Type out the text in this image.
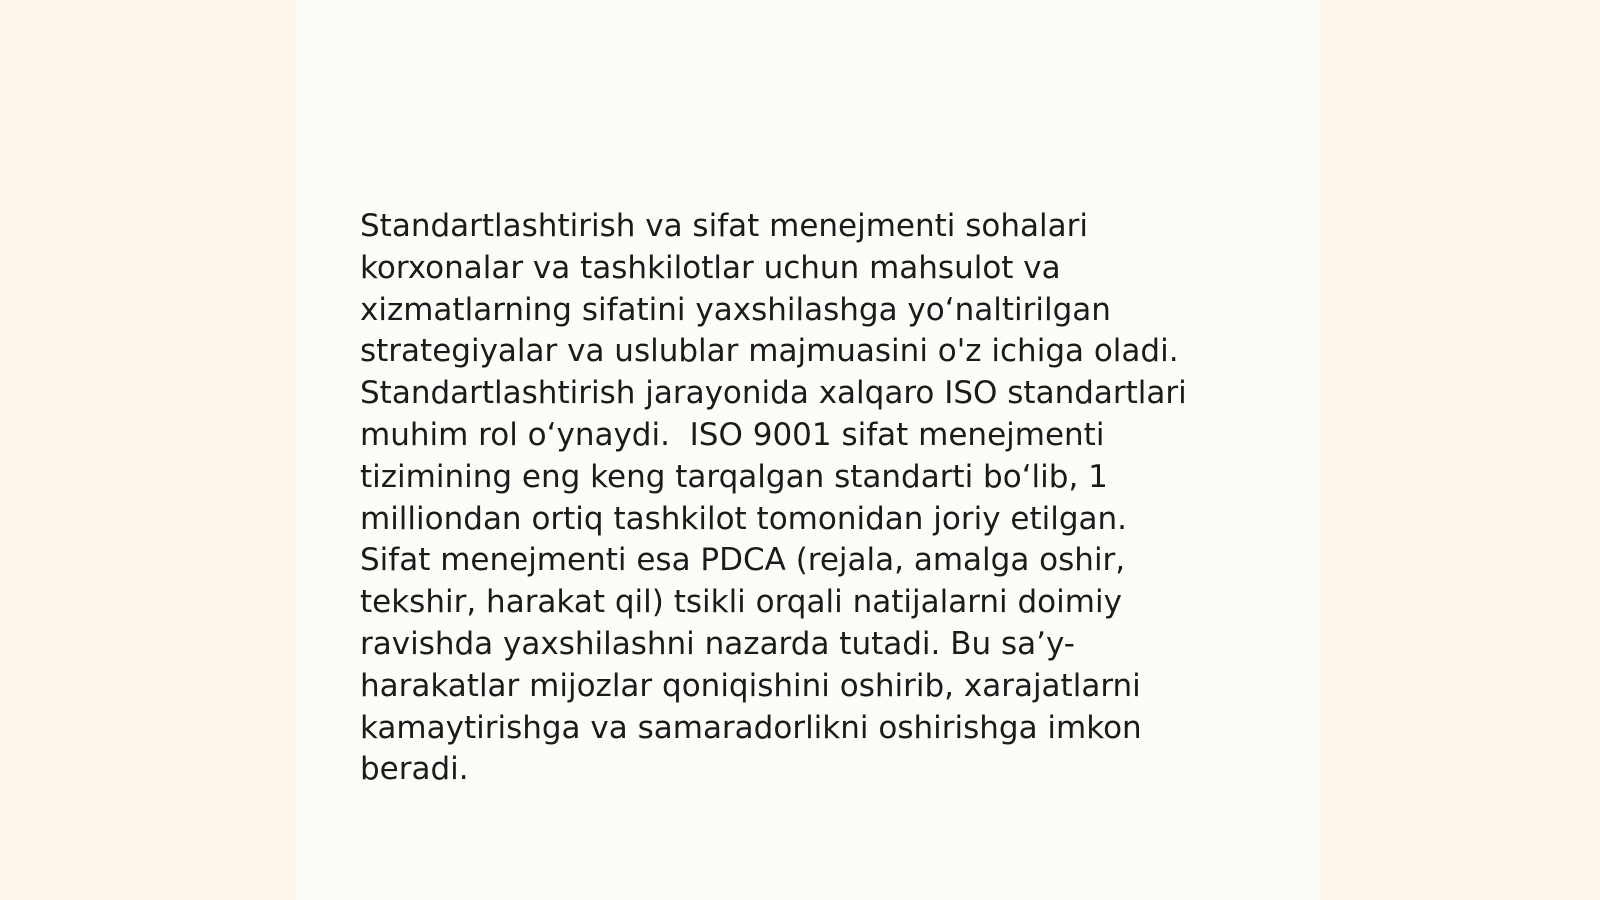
Standartlashtirish va sifat menejmenti sohalari
korxonalar va tashkilotlar uchun mahsulot va
xizmatlarning sifatini yaxshilashga yo‘naltirilgan
strategiyalar va uslublar majmuasini o'z ichiga oladi.
Standartlashtirish jarayonida xalqaro ISO standartlari
muhim rol o‘ynaydi.  ISO 9001 sifat menejmenti
tizimining eng keng tarqalgan standarti bo‘lib, 1
milliondan ortiq tashkilot tomonidan joriy etilgan.
Sifat menejmenti esa PDCA (rejala, amalga oshir,
tekshir, harakat qil) tsikli orqali natijalarni doimiy
ravishda yaxshilashni nazarda tutadi. Bu sa’y-
harakatlar mijozlar qoniqishini oshirib, xarajatlarni
kamaytirishga va samaradorlikni oshirishga imkon
beradi.
